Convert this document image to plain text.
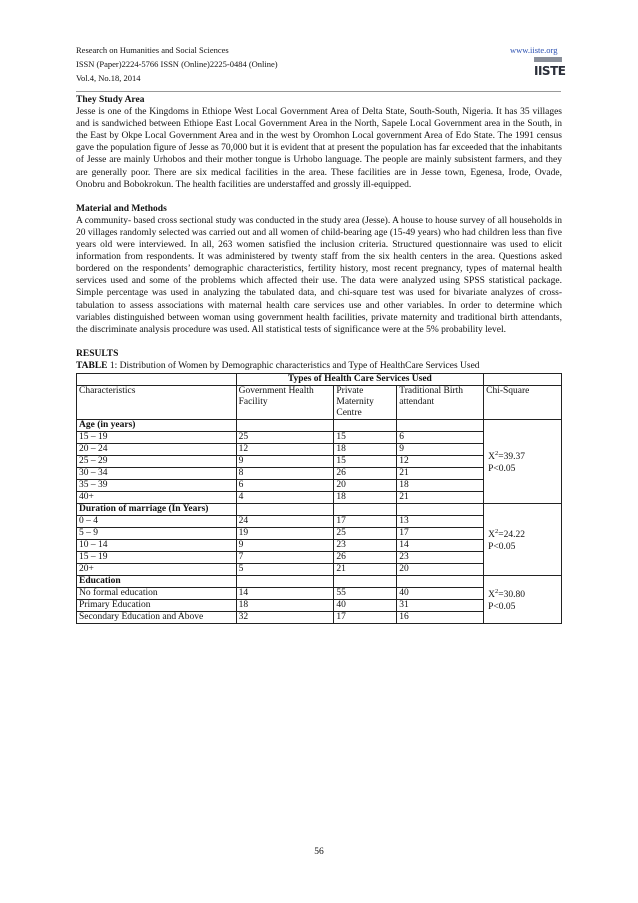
Research on Humanities and Social Sciences
ISSN (Paper)2224-5766 ISSN (Online)2225-0484 (Online)
Vol.4, No.18, 2014
www.iiste.org
IISTE
They Study Area

Jesse is one of the Kingdoms in Ethiope West Local Government Area of Delta State, South-South, Nigeria. It has 35 villages and is sandwiched between Ethiope East Local Government Area in the North, Sapele Local Government area in the South, in the East by Okpe Local Government Area and in the west by Oromhon Local government Area of Edo State. The 1991 census gave the population figure of Jesse as 70,000 but it is evident that at present the population has far exceeded that the inhabitants of Jesse are mainly Urhobos and their mother tongue is Urhobo language. The people are mainly subsistent farmers, and they are generally poor. There are six medical facilities in the area. These facilities are in Jesse town, Egenesa, Irode, Ovade, Onobru and Bobokrokun. The health facilities are understaffed and grossly ill-equipped.

Material and Methods

A community- based cross sectional study was conducted in the study area (Jesse). A house to house survey of all households in 20 villages randomly selected was carried out and all women of child-bearing age (15-49 years) who had children less than five years old were interviewed. In all, 263 women satisfied the inclusion criteria. Structured questionnaire was used to elicit information from respondents. It was administered by twenty staff from the six health centers in the area. Questions asked bordered on the respondents’ demographic characteristics, fertility history, most recent pregnancy, types of maternal health services used and some of the problems which affected their use. The data were analyzed using SPSS statistical package. Simple percentage was used in analyzing the tabulated data, and chi-square test was used for bivariate analyzes of cross-tabulation to assess associations with maternal health care services use and other variables. In order to determine which variables distinguished between woman using government health facilities, private maternity and traditional birth attendants, the discriminate analysis procedure was used. All statistical tests of significance were at the 5% probability level.

RESULTS
TABLE 1: Distribution of Women by Demographic characteristics and Type of HealthCare Services Used
	Types of Health Care Services Used			
Characteristics	Government Health Facility	Private Maternity Centre	Traditional Birth attendant	Chi-Square
Age (in years)				$X^2=39.37$
P<0.05

15 – 19	25	15	6	
20 – 24	12	18	9	
25 – 29	9	15	12	
30 – 34	8	26	21	
35 – 39	6	20	18	
40+	4	18	21	
Duration of marriage (In Years)				$X^2=24.22$
P<0.05

0 – 4	24	17	13	
5 – 9	19	25	17	
10 – 14	9	23	14	
15 – 19	7	26	23	
20+	5	21	20	
Education				$X^2=30.80$
P<0.05

No formal education	14	55	40	
Primary Education	18	40	31	
Secondary Education and Above	32	17	16	
56
